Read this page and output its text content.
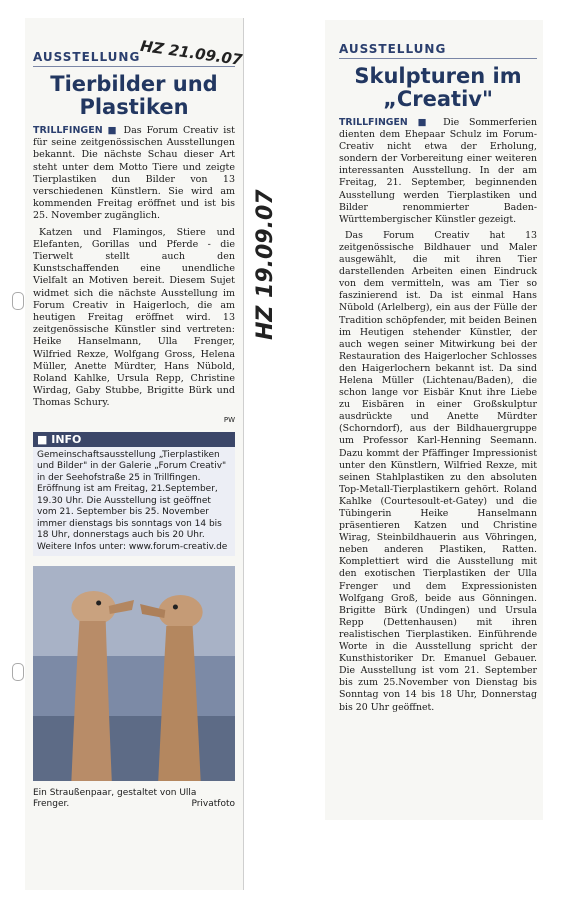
AUSSTELLUNG
Tierbilder und Plastiken

TRILLFINGEN ■ Das Forum Creativ ist für seine zeitgenössischen Ausstellungen bekannt. Die nächste Schau dieser Art steht unter dem Motto Tiere und zeigte Tierplastiken dun Bilder von 13 verschiedenen Künstlern. Sie wird am kommenden Freitag eröffnet und ist bis 25. November zugänglich.

Katzen und Flamingos, Stiere und Elefanten, Gorillas und Pferde - die Tierwelt stellt auch den Kunstschaffenden eine unendliche Vielfalt an Motiven bereit. Diesem Sujet widmet sich die nächste Ausstellung im Forum Creativ in Haigerloch, die am heutigen Freitag eröffnet wird. 13 zeitgenössische Künstler sind vertreten: Heike Hanselmann, Ulla Frenger, Wilfried Rexze, Wolfgang Gross, Helena Müller, Anette Mürdter, Hans Nübold, Roland Kahlke, Ursula Repp, Christine Wirdag, Gaby Stubbe, Brigitte Bürk und Thomas Schury.

PW
■ INFO
Gemeinschaftsausstellung „Tierplastiken und Bilder" in der Galerie „Forum Creativ" in der Seehofstraße 25 in Trillfingen. Eröffnung ist am Freitag, 21.September, 19.30 Uhr. Die Ausstellung ist geöffnet vom 21. September bis 25. November immer dienstags bis sonntags von 14 bis 18 Uhr, donnerstags auch bis 20 Uhr. Weitere Infos unter: www.forum-creativ.de
Ein Straußenpaar, gestaltet von Ulla Frenger.	Privatfoto
HZ 21.09.07
HZ 19.09.07
AUSSTELLUNG
Skulpturen im „Creativ"

TRILLFINGEN ■ Die Sommerferien dienten dem Ehepaar Schulz im Forum-Creativ nicht etwa der Erholung, sondern der Vorbereitung einer weiteren interessanten Ausstellung. In der am Freitag, 21. September, beginnenden Ausstellung werden Tierplastiken und Bilder renommierter Baden-Württembergischer Künstler gezeigt.

Das Forum Creativ hat 13 zeitgenössische Bildhauer und Maler ausgewählt, die mit ihren Tier darstellenden Arbeiten einen Eindruck von dem vermitteln, was am Tier so faszinierend ist. Da ist einmal Hans Nübold (Arlelberg), ein aus der Fülle der Tradition schöpfender, mit beiden Beinen im Heutigen stehender Künstler, der auch wegen seiner Mitwirkung bei der Restauration des Haigerlocher Schlosses den Haigerlochern bekannt ist. Da sind Helena Müller (Lichtenau/Baden), die schon lange vor Eisbär Knut ihre Liebe zu Eisbären in einer Großskulptur ausdrückte und Anette Mürdter (Schorndorf), aus der Bildhauergruppe um Professor Karl-Henning Seemann. Dazu kommt der Pfäffinger Impressionist unter den Künstlern, Wilfried Rexze, mit seinen Stahlplastiken zu den absoluten Top-Metall-Tierplastikern gehört. Roland Kahlke (Courtesoult-et-Gatey) und die Tübingerin Heike Hanselmann präsentieren Katzen und Christine Wirag, Steinbildhauerin aus Vöhringen, neben anderen Plastiken, Ratten. Komplettiert wird die Ausstellung mit den exotischen Tierplastiken der Ulla Frenger und dem Expressionisten Wolfgang Groß, beide aus Gönningen. Brigitte Bürk (Undingen) und Ursula Repp (Dettenhausen) mit ihren realistischen Tierplastiken. Einführende Worte in die Ausstellung spricht der Kunsthistoriker Dr. Emanuel Gebauer. Die Ausstellung ist vom 21. September bis zum 25.November von Dienstag bis Sonntag von 14 bis 18 Uhr, Donnerstag bis 20 Uhr geöffnet.
